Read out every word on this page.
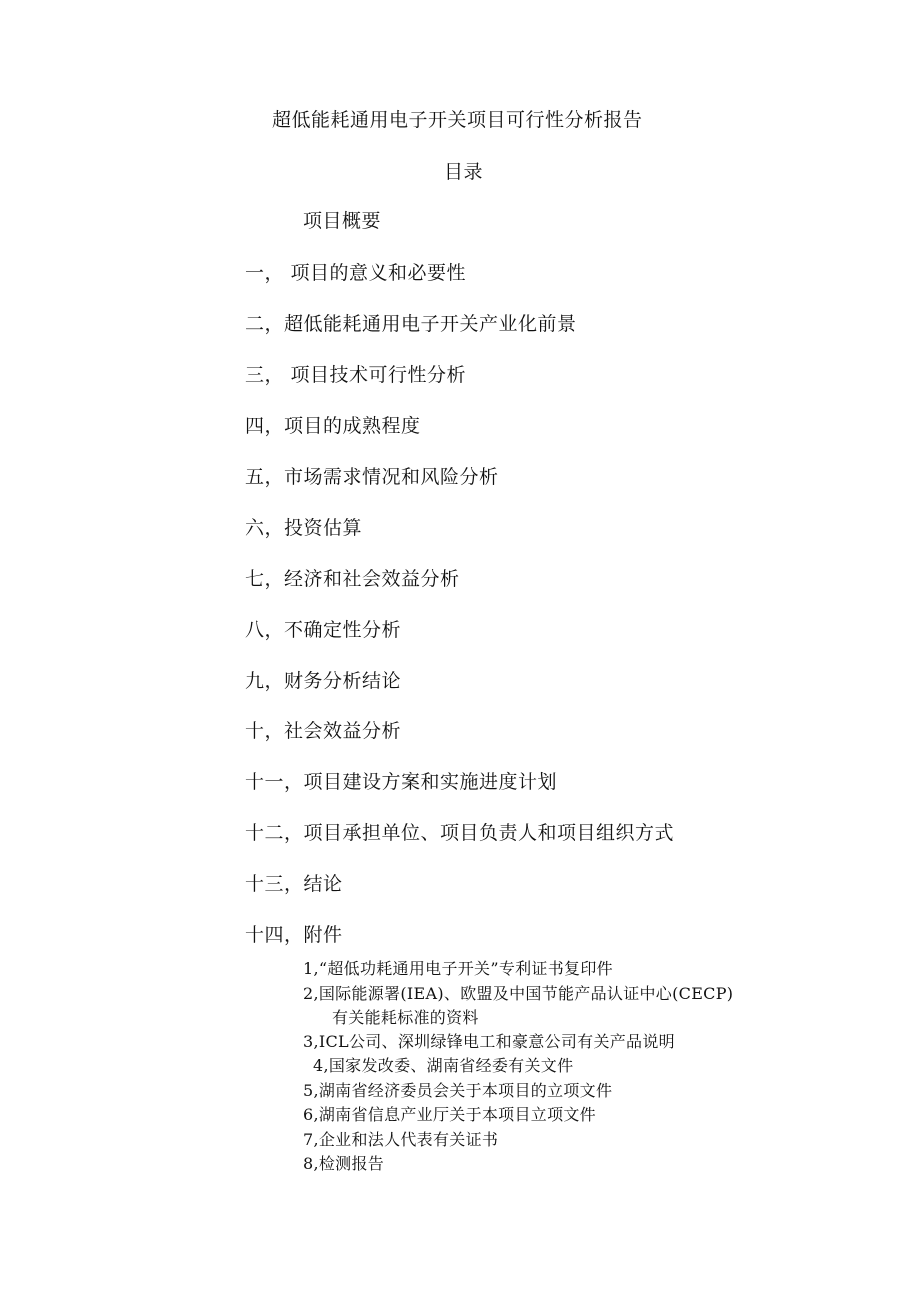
超低能耗通用电子开关项目可行性分析报告
目录
项目概要
一， 项目的意义和必要性
二，超低能耗通用电子开关产业化前景
三， 项目技术可行性分析
四，项目的成熟程度
五，市场需求情况和风险分析
六，投资估算
七，经济和社会效益分析
八，不确定性分析
九，财务分析结论
十，社会效益分析
十一，项目建设方案和实施进度计划
十二，项目承担单位、项目负责人和项目组织方式
十三，结论
十四，附件
1,“超低功耗通用电子开关”专利证书复印件
2,国际能源署(IEA)、欧盟及中国节能产品认证中心(CECP)
有关能耗标准的资料
3,ICL公司、深圳绿锋电工和豪意公司有关产品说明
4,国家发改委、湖南省经委有关文件
5,湖南省经济委员会关于本项目的立项文件
6,湖南省信息产业厅关于本项目立项文件
7,企业和法人代表有关证书
8,检测报告
